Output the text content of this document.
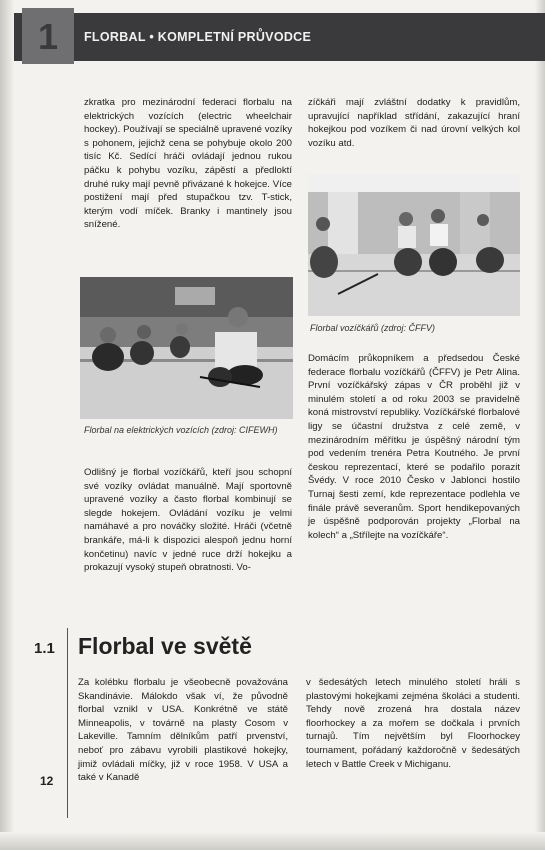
1	FLORBAL • KOMPLETNÍ PRŮVODCE

zkratka pro mezinárodní federaci florbalu na elektrických vozících (electric wheelchair hockey). Používají se speciálně upravené vozíky s pohonem, jejichž cena se pohybuje okolo 200 tisíc Kč. Sedící hráči ovládají jednou rukou páčku k pohybu vozíku, zápěstí a předloktí druhé ruky mají pevně přivázané k hokejce. Více postižení mají před stupačkou tzv. T-stick, kterým vodí míček. Branky i mantinely jsou snížené.

Florbal na elektrických vozících (zdroj: CIFEWH)

Odlišný je florbal vozíčkářů, kteří jsou schopní své vozíky ovládat manuálně. Mají sportovně upravené vozíky a často florbal kombinují se slegde hokejem. Ovládání vozíku je velmi namáhavé a pro nováčky složité. Hráči (včetně brankáře, má-li k dispozici alespoň jednu horní končetinu) navíc v jedné ruce drží hokejku a prokazují vysoký stupeň obratnosti. Vo-

zíčkáři mají zvláštní dodatky k pravidlům, upravující například střídání, zakazující hraní hokejkou pod vozíkem či nad úrovní velkých kol vozíku atd.

Florbal vozíčkářů (zdroj: ČFFV)

Domácím průkopníkem a předsedou České federace florbalu vozíčkářů (ČFFV) je Petr Alina. První vozíčkářský zápas v ČR proběhl již v minulém století a od roku 2003 se pravidelně koná mistrovství republiky. Vozíčkářské florbalové ligy se účastní družstva z celé země, v mezinárodním měřítku je úspěšný národní tým pod vedením trenéra Petra Koutného. Je první českou reprezentací, které se podařilo porazit Švédy. V roce 2010 Česko v Jablonci hostilo Turnaj šesti zemí, kde reprezentace podlehla ve finále právě severanům. Sport hendikepovaných je úspěšně podporován projekty „Florbal na kolech“ a „Střílejte na vozíčkáře“.

1.1 Florbal ve světě

Za kolébku florbalu je všeobecně považována Skandinávie. Málokdo však ví, že původně florbal vznikl v USA. Konkrétně ve státě Minneapolis, v továrně na plasty Cosom v Lakeville. Tamním dělníkům patří prvenství, neboť pro zábavu vyrobili plastikové hokejky, jimiž ovládali míčky, již v roce 1958. V USA a také v Kanadě

v šedesátých letech minulého století hráli s plastovými hokejkami zejména školáci a studenti. Tehdy nově zrozená hra dostala název floorhockey a za mořem se dočkala i prvních turnajů. Tím největším byl Floorhockey tournament, pořádaný každoročně v šedesátých letech v Battle Creek v Michiganu.

12
